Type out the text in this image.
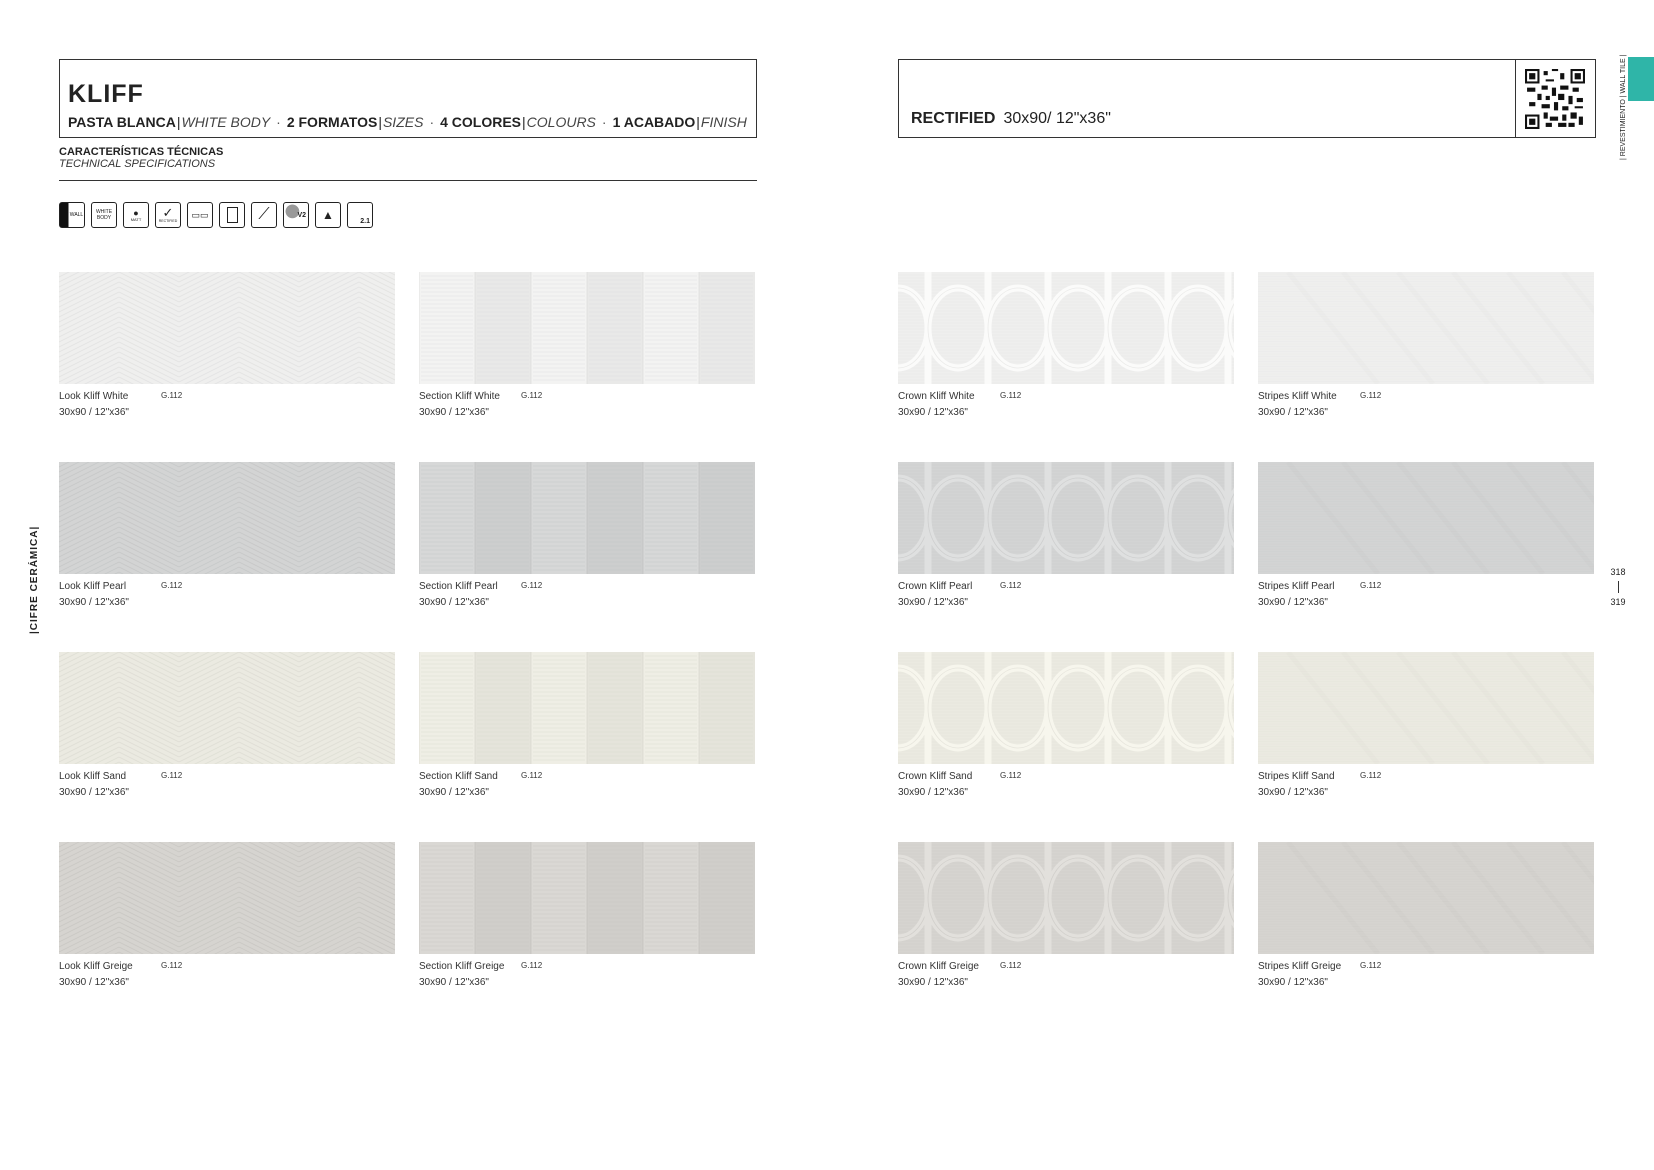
KLIFF
PASTA BLANCA|WHITE BODY · 2 FORMATOS|SIZES · 4 COLORES|COLOURS · 1 ACABADO|FINISH	RECTIFIED 30x90/ 12"x36"
CARACTERÍSTICAS TÉCNICAS
TECHNICAL SPECIFICATIONS
WALL	WHITE BODY
●
MATT ✓
RECTIFIED
▭▭	⟋	V2 ▲	2.1
Look Kliff White	G.112
30x90 / 12"x36"
Section Kliff White	G.112
30x90 / 12"x36"
Crown Kliff White	G.112
30x90 / 12"x36"
Stripes Kliff White	G.112
30x90 / 12"x36"
Look Kliff Pearl	G.112
30x90 / 12"x36"
Section Kliff Pearl	G.112
30x90 / 12"x36"
Crown Kliff Pearl	G.112
30x90 / 12"x36"
Stripes Kliff Pearl	G.112
30x90 / 12"x36"
Look Kliff Sand	G.112
30x90 / 12"x36"
Section Kliff Sand	G.112
30x90 / 12"x36"
Crown Kliff Sand	G.112
30x90 / 12"x36"
Stripes Kliff Sand	G.112
30x90 / 12"x36"
Look Kliff Greige	G.112
30x90 / 12"x36"
Section Kliff Greige G.112
30x90 / 12"x36"
Crown Kliff Greige	G.112
30x90 / 12"x36"
Stripes Kliff Greige G.112
30x90 / 12"x36"
|CIFRE CERÁMICA|
| REVESTIMIENTO | WALL TILE |
318
319
